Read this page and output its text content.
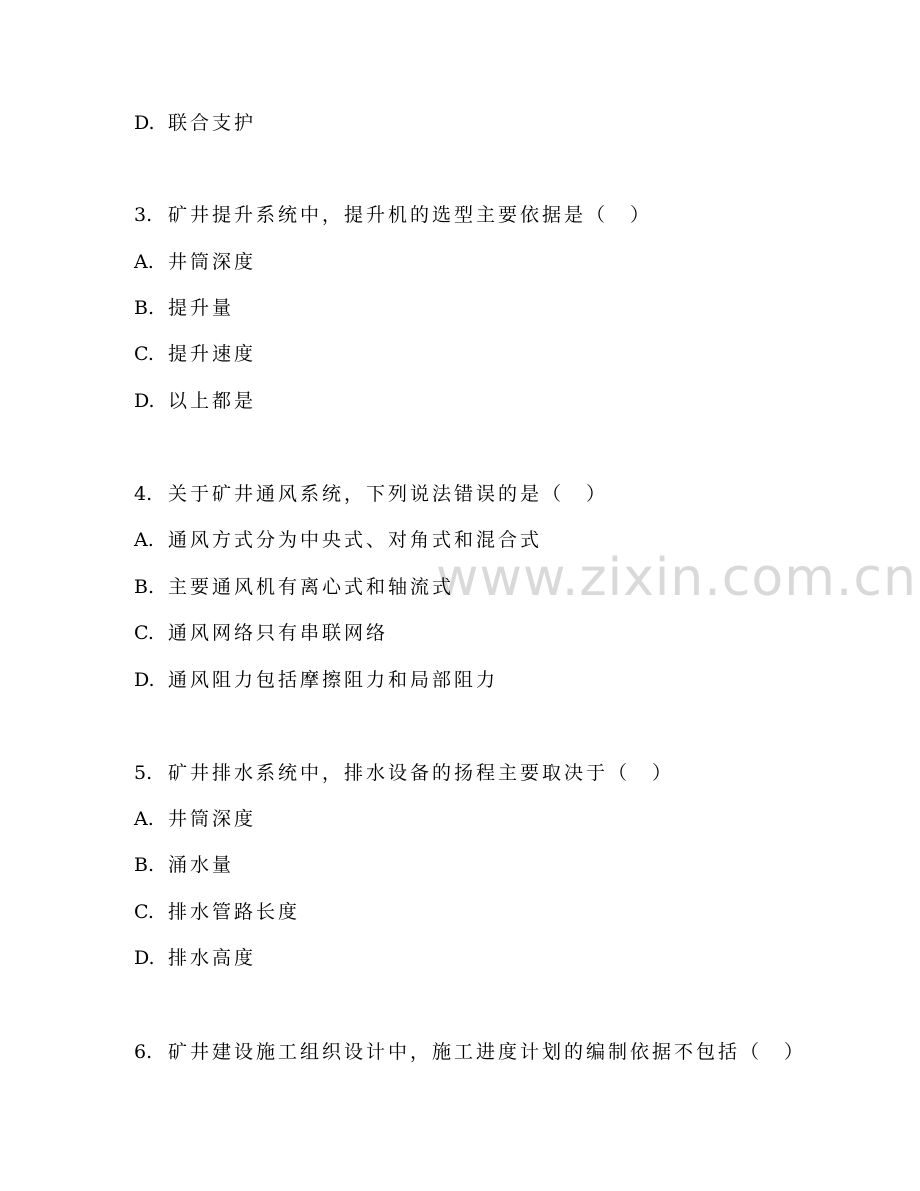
www.zixin.com.cn
D. 联合支护
3. 矿井提升系统中，提升机的选型主要依据是（　）
A. 井筒深度
B. 提升量
C. 提升速度
D. 以上都是
4. 关于矿井通风系统，下列说法错误的是（　）
A. 通风方式分为中央式、对角式和混合式
B. 主要通风机有离心式和轴流式
C. 通风网络只有串联网络
D. 通风阻力包括摩擦阻力和局部阻力
5. 矿井排水系统中，排水设备的扬程主要取决于（　）
A. 井筒深度
B. 涌水量
C. 排水管路长度
D. 排水高度
6. 矿井建设施工组织设计中，施工进度计划的编制依据不包括（　）
